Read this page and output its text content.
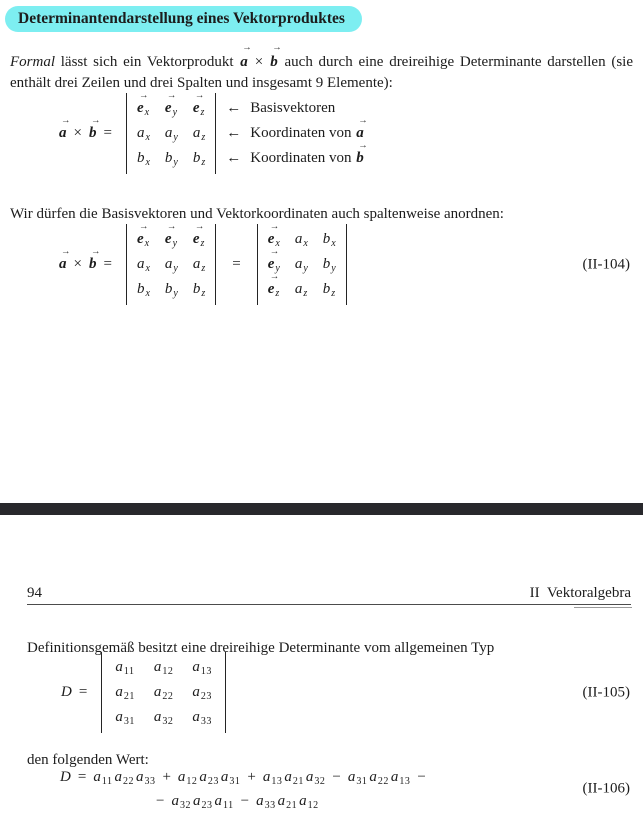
Determinantendarstellung eines Vektorproduktes

Formal lässt sich ein Vektorprodukt
→
a ×
→
b auch durch eine dreireihige Determinante darstellen (sie enthält drei Zeilen und drei Spalten und insgesamt 9 Elemente):

→
a ×
→
b =
→
$e_x$
→
$e_y$
→
$e_z$
$a_x$ $a_y$ $a_z$
$b_x$ $b_y$ $b_z$
← Basisvektoren
← Koordinaten von
→
a
← Koordinaten von
→
b

Wir dürfen die Basisvektoren und Vektorkoordinaten auch spaltenweise anordnen:

→
a ×
→
b =
→
$e_x$
→
$e_y$
→
$e_z$
$a_x$ $a_y$ $a_z$
$b_x$ $b_y$ $b_z$
=
→
$e_x$ $a_x$ $b_x$
→
$e_y$ $a_y$ $b_y$
→
$e_z$ $a_z$ $b_z$
(II-104)
94	II  Vektoralgebra

Definitionsgemäß besitzt eine dreireihige Determinante vom allgemeinen Typ

D =
$a_{11}$ $a_{12}$ $a_{13}$
$a_{21}$ $a_{22}$ $a_{23}$
$a_{31}$ $a_{32}$ $a_{33}$
(II-105)

den folgenden Wert:

$D = a_{11}$ $a_{22}$ $a_{33} + a_{12}$ $a_{23}$ $a_{31} + a_{13}$ $a_{21}$ $a_{32} - a_{31}$ $a_{22}$ $a_{13}$ −
− $a_{32}$ $a_{23}$ $a_{11} - a_{33}$ $a_{21}$ $a_{12}$
(II-106)
